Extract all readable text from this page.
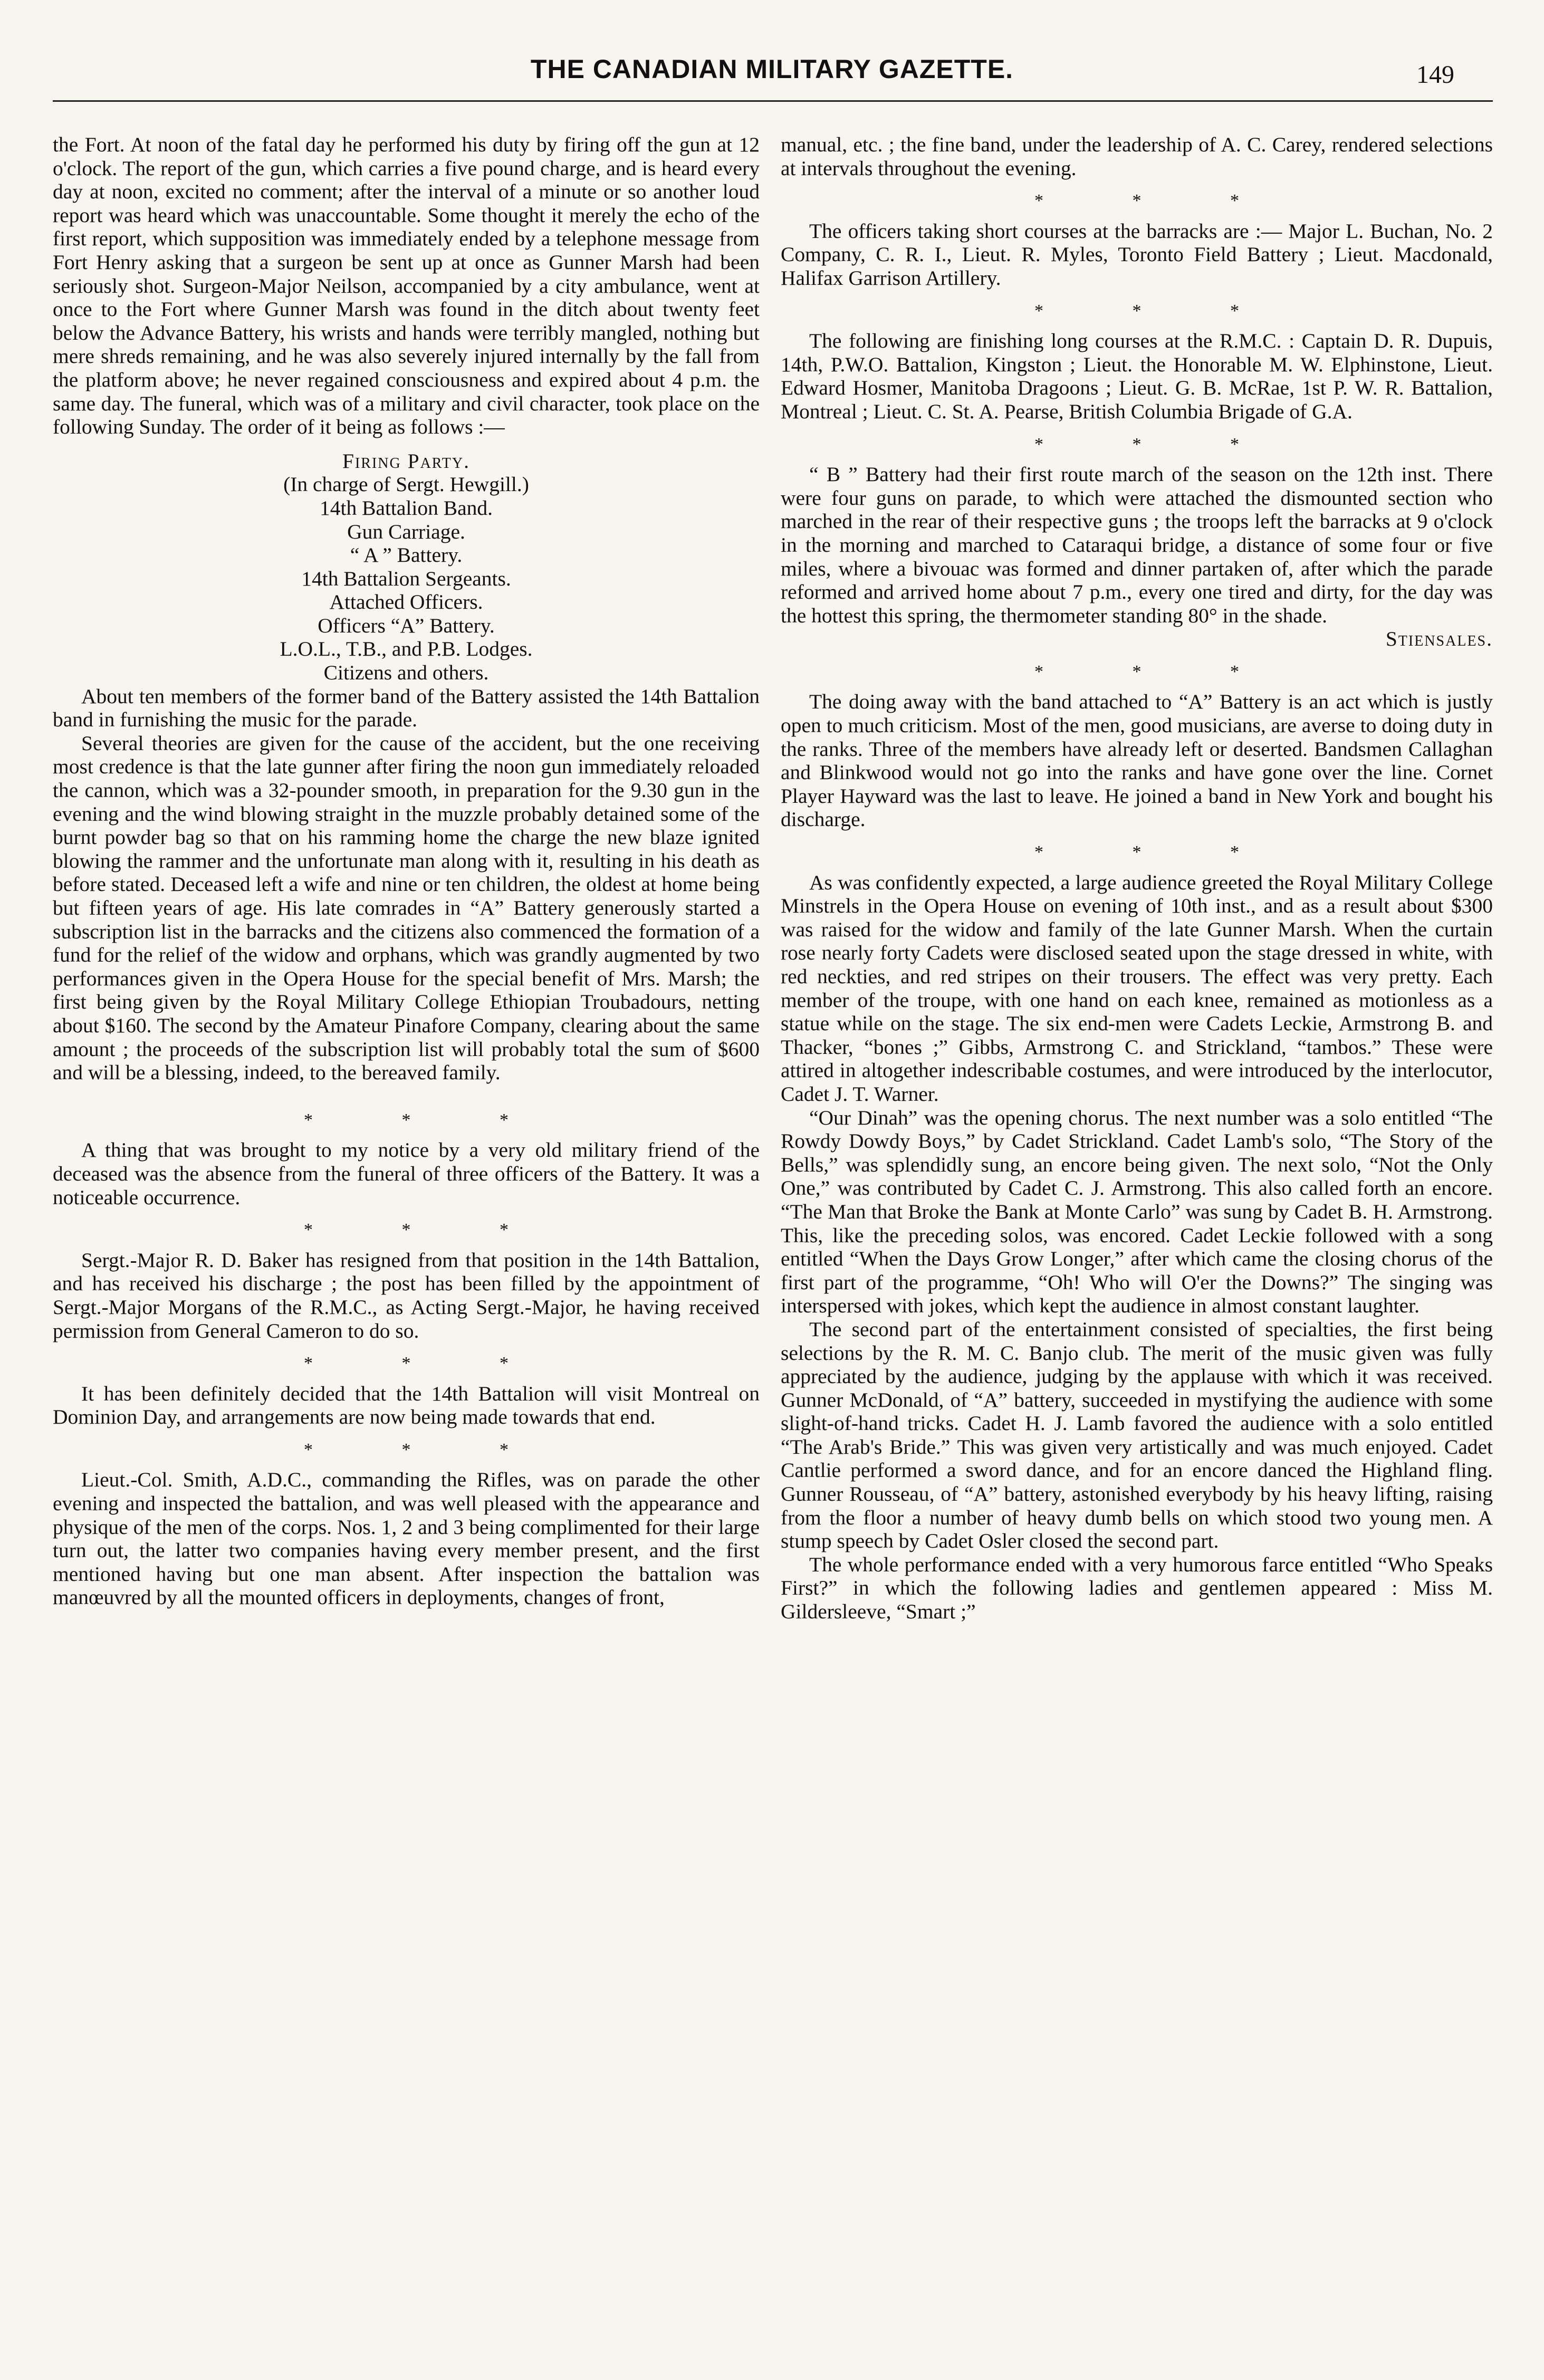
THE CANADIAN MILITARY GAZETTE.	149

the Fort. At noon of the fatal day he performed his duty by firing off the gun at 12 o'clock. The report of the gun, which carries a five pound charge, and is heard every day at noon, excited no comment; after the interval of a minute or so another loud report was heard which was unaccountable. Some thought it merely the echo of the first report, which supposition was immediately ended by a telephone message from Fort Henry asking that a surgeon be sent up at once as Gunner Marsh had been seriously shot. Surgeon-Major Neilson, accompanied by a city ambulance, went at once to the Fort where Gunner Marsh was found in the ditch about twenty feet below the Advance Battery, his wrists and hands were terribly mangled, nothing but mere shreds remaining, and he was also severely injured internally by the fall from the platform above; he never regained consciousness and expired about 4 p.m. the same day. The funeral, which was of a military and civil character, took place on the following Sunday. The order of it being as follows :—

Firing Party.

(In charge of Sergt. Hewgill.)

14th Battalion Band.

Gun Carriage.

“ A ” Battery.

14th Battalion Sergeants.

Attached Officers.

Officers “A” Battery.

L.O.L., T.B., and P.B. Lodges.

Citizens and others.

About ten members of the former band of the Battery assisted the 14th Battalion band in furnishing the music for the parade.

Several theories are given for the cause of the accident, but the one receiving most credence is that the late gunner after firing the noon gun immediately reloaded the cannon, which was a 32-pounder smooth, in preparation for the 9.30 gun in the evening and the wind blowing straight in the muzzle probably detained some of the burnt powder bag so that on his ramming home the charge the new blaze ignited blowing the rammer and the unfortunate man along with it, resulting in his death as before stated. Deceased left a wife and nine or ten children, the oldest at home being but fifteen years of age. His late comrades in “A” Battery generously started a subscription list in the barracks and the citizens also commenced the formation of a fund for the relief of the widow and orphans, which was grandly augmented by two performances given in the Opera House for the special benefit of Mrs. Marsh; the first being given by the Royal Military College Ethiopian Troubadours, netting about $160. The second by the Amateur Pinafore Company, clearing about the same amount ; the proceeds of the subscription list will probably total the sum of $600 and will be a blessing, indeed, to the bereaved family.

* * *

A thing that was brought to my notice by a very old military friend of the deceased was the absence from the funeral of three officers of the Battery. It was a noticeable occurrence.

* * *

Sergt.-Major R. D. Baker has resigned from that position in the 14th Battalion, and has received his discharge ; the post has been filled by the appointment of Sergt.-Major Morgans of the R.M.C., as Acting Sergt.-Major, he having received permission from General Cameron to do so.

* * *

It has been definitely decided that the 14th Battalion will visit Montreal on Dominion Day, and arrangements are now being made towards that end.

* * *

Lieut.-Col. Smith, A.D.C., commanding the Rifles, was on parade the other evening and inspected the battalion, and was well pleased with the appearance and physique of the men of the corps. Nos. 1, 2 and 3 being complimented for their large turn out, the latter two companies having every member present, and the first mentioned having but one man absent. After inspection the battalion was manœuvred by all the mounted officers in deployments, changes of front,

manual, etc. ; the fine band, under the leadership of A. C. Carey, rendered selections at intervals throughout the evening.

* * *

The officers taking short courses at the barracks are :— Major L. Buchan, No. 2 Company, C. R. I., Lieut. R. Myles, Toronto Field Battery ; Lieut. Macdonald, Halifax Garrison Artillery.

* * *

The following are finishing long courses at the R.M.C. : Captain D. R. Dupuis, 14th, P.W.O. Battalion, Kingston ; Lieut. the Honorable M. W. Elphinstone, Lieut. Edward Hosmer, Manitoba Dragoons ; Lieut. G. B. McRae, 1st P. W. R. Battalion, Montreal ; Lieut. C. St. A. Pearse, British Columbia Brigade of G.A.

* * *

“ B ” Battery had their first route march of the season on the 12th inst. There were four guns on parade, to which were attached the dismounted section who marched in the rear of their respective guns ; the troops left the barracks at 9 o'clock in the morning and marched to Cataraqui bridge, a distance of some four or five miles, where a bivouac was formed and dinner partaken of, after which the parade reformed and arrived home about 7 p.m., every one tired and dirty, for the day was the hottest this spring, the thermometer standing 80° in the shade.

Stiensales.

* * *

The doing away with the band attached to “A” Battery is an act which is justly open to much criticism. Most of the men, good musicians, are averse to doing duty in the ranks. Three of the members have already left or deserted. Bandsmen Callaghan and Blinkwood would not go into the ranks and have gone over the line. Cornet Player Hayward was the last to leave. He joined a band in New York and bought his discharge.

* * *

As was confidently expected, a large audience greeted the Royal Military College Minstrels in the Opera House on evening of 10th inst., and as a result about $300 was raised for the widow and family of the late Gunner Marsh. When the curtain rose nearly forty Cadets were disclosed seated upon the stage dressed in white, with red neckties, and red stripes on their trousers. The effect was very pretty. Each member of the troupe, with one hand on each knee, remained as motionless as a statue while on the stage. The six end-men were Cadets Leckie, Armstrong B. and Thacker, “bones ;” Gibbs, Armstrong C. and Strickland, “tambos.” These were attired in altogether indescribable costumes, and were introduced by the interlocutor, Cadet J. T. Warner.

“Our Dinah” was the opening chorus. The next number was a solo entitled “The Rowdy Dowdy Boys,” by Cadet Strickland. Cadet Lamb's solo, “The Story of the Bells,” was splendidly sung, an encore being given. The next solo, “Not the Only One,” was contributed by Cadet C. J. Armstrong. This also called forth an encore. “The Man that Broke the Bank at Monte Carlo” was sung by Cadet B. H. Armstrong. This, like the preceding solos, was encored. Cadet Leckie followed with a song entitled “When the Days Grow Longer,” after which came the closing chorus of the first part of the programme, “Oh! Who will O'er the Downs?” The singing was interspersed with jokes, which kept the audience in almost constant laughter.

The second part of the entertainment consisted of specialties, the first being selections by the R. M. C. Banjo club. The merit of the music given was fully appreciated by the audience, judging by the applause with which it was received. Gunner McDonald, of “A” battery, succeeded in mystifying the audience with some slight-of-hand tricks. Cadet H. J. Lamb favored the audience with a solo entitled “The Arab's Bride.” This was given very artistically and was much enjoyed. Cadet Cantlie performed a sword dance, and for an encore danced the Highland fling. Gunner Rousseau, of “A” battery, astonished everybody by his heavy lifting, raising from the floor a number of heavy dumb bells on which stood two young men. A stump speech by Cadet Osler closed the second part.

The whole performance ended with a very humorous farce entitled “Who Speaks First?” in which the following ladies and gentlemen appeared : Miss M. Gildersleeve, “Smart ;”
